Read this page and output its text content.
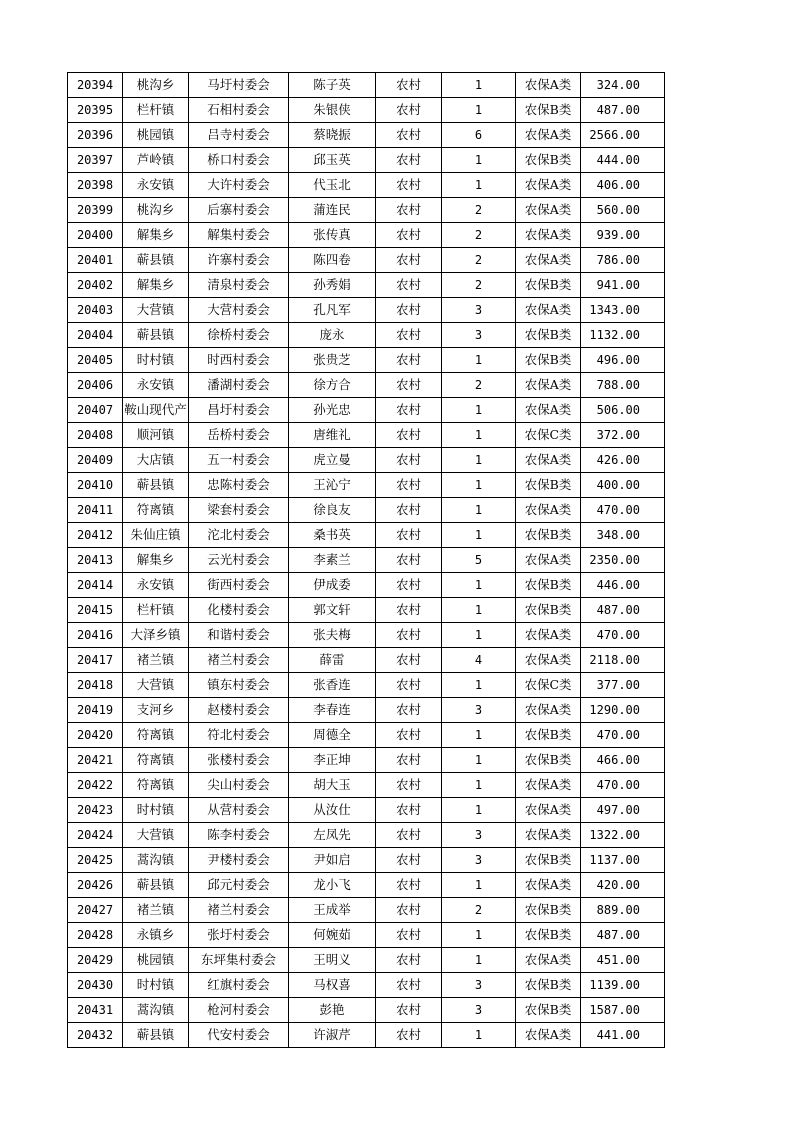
20394	桃沟乡	马圩村委会	陈子英	农村	1	农保A类	324.00
20395	栏杆镇	石相村委会	朱银侠	农村	1	农保B类	487.00
20396	桃园镇	吕寺村委会	蔡晓振	农村	6	农保A类	2566.00
20397	芦岭镇	桥口村委会	邱玉英	农村	1	农保B类	444.00
20398	永安镇	大许村委会	代玉北	农村	1	农保A类	406.00
20399	桃沟乡	后寨村委会	蒲连民	农村	2	农保A类	560.00
20400	解集乡	解集村委会	张传真	农村	2	农保A类	939.00
20401	蕲县镇	许寨村委会	陈四卷	农村	2	农保A类	786.00
20402	解集乡	清泉村委会	孙秀娟	农村	2	农保B类	941.00
20403	大营镇	大营村委会	孔凡军	农村	3	农保A类	1343.00
20404	蕲县镇	徐桥村委会	庞永	农村	3	农保B类	1132.00
20405	时村镇	时西村委会	张贵芝	农村	1	农保B类	496.00
20406	永安镇	潘湖村委会	徐方合	农村	2	农保A类	788.00
20407	鞍山现代产	昌圩村委会	孙光忠	农村	1	农保A类	506.00
20408	顺河镇	岳桥村委会	唐维礼	农村	1	农保C类	372.00
20409	大店镇	五一村委会	虎立曼	农村	1	农保A类	426.00
20410	蕲县镇	忠陈村委会	王沁宁	农村	1	农保B类	400.00
20411	符离镇	梁套村委会	徐良友	农村	1	农保A类	470.00
20412	朱仙庄镇	沱北村委会	桑书英	农村	1	农保B类	348.00
20413	解集乡	云光村委会	李素兰	农村	5	农保A类	2350.00
20414	永安镇	街西村委会	伊成委	农村	1	农保B类	446.00
20415	栏杆镇	化楼村委会	郭文轩	农村	1	农保B类	487.00
20416	大泽乡镇	和谐村委会	张夫梅	农村	1	农保A类	470.00
20417	褚兰镇	褚兰村委会	薛雷	农村	4	农保A类	2118.00
20418	大营镇	镇东村委会	张香连	农村	1	农保C类	377.00
20419	支河乡	赵楼村委会	李春连	农村	3	农保A类	1290.00
20420	符离镇	符北村委会	周德全	农村	1	农保B类	470.00
20421	符离镇	张楼村委会	李正坤	农村	1	农保B类	466.00
20422	符离镇	尖山村委会	胡大玉	农村	1	农保A类	470.00
20423	时村镇	从营村委会	从汝仕	农村	1	农保A类	497.00
20424	大营镇	陈李村委会	左凤先	农村	3	农保A类	1322.00
20425	蒿沟镇	尹楼村委会	尹如启	农村	3	农保B类	1137.00
20426	蕲县镇	邱元村委会	龙小飞	农村	1	农保A类	420.00
20427	褚兰镇	褚兰村委会	王成举	农村	2	农保B类	889.00
20428	永镇乡	张圩村委会	何婉茹	农村	1	农保B类	487.00
20429	桃园镇	东坪集村委会	王明义	农村	1	农保A类	451.00
20430	时村镇	红旗村委会	马权喜	农村	3	农保B类	1139.00
20431	蒿沟镇	枪河村委会	彭艳	农村	3	农保B类	1587.00
20432	蕲县镇	代安村委会	许淑芹	农村	1	农保A类	441.00
